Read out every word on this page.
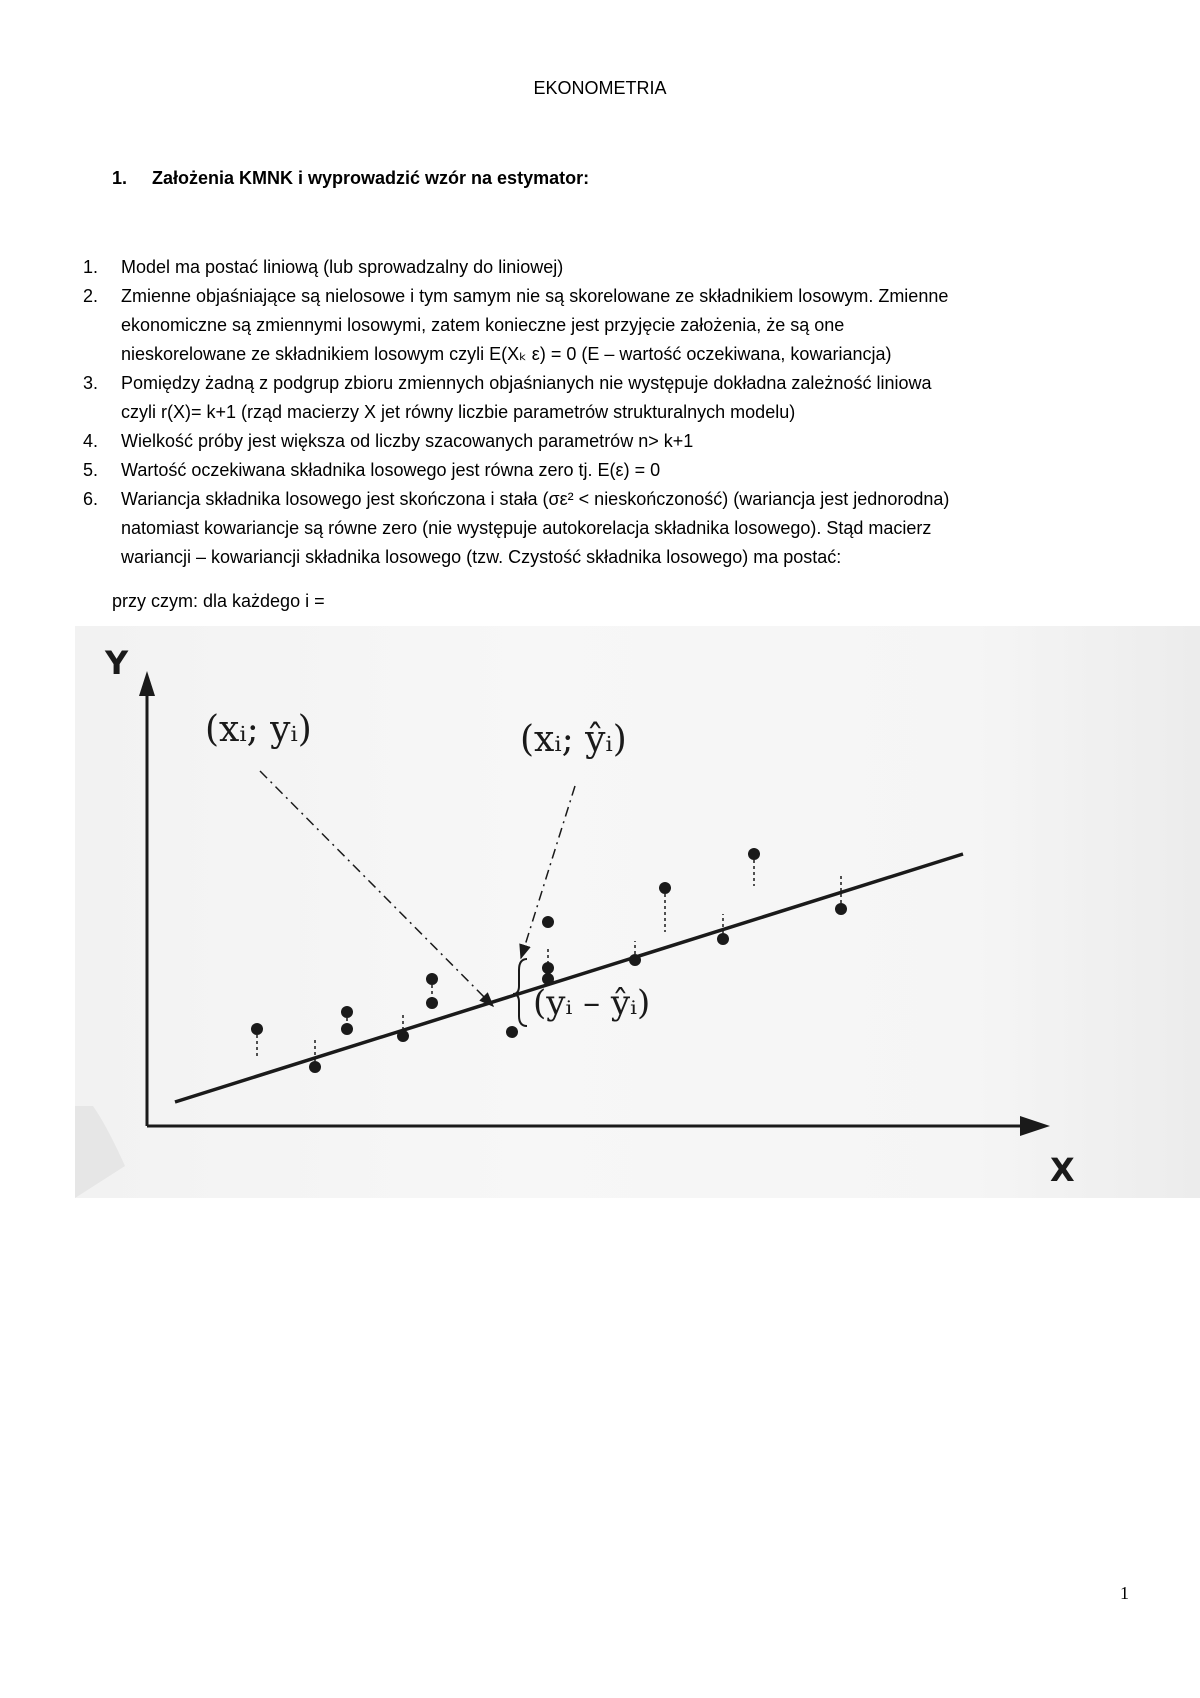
EKONOMETRIA
1. Założenia KMNK i wyprowadzić wzór na estymator:
1. Model ma postać liniową (lub sprowadzalny do liniowej)
2. Zmienne objaśniające są nielosowe i tym samym nie są skorelowane ze składnikiem losowym. Zmienne
ekonomiczne są zmiennymi losowymi, zatem konieczne jest przyjęcie założenia, że są one
nieskorelowane ze składnikiem losowym czyli E(Xₖ ε) = 0 (E – wartość oczekiwana, kowariancja)
3. Pomiędzy żadną z podgrup zbioru zmiennych objaśnianych nie występuje dokładna zależność liniowa
czyli r(X)= k+1 (rząd macierzy X jet równy liczbie parametrów strukturalnych modelu)
4. Wielkość próby jest większa od liczby szacowanych parametrów n> k+1
5. Wartość oczekiwana składnika losowego jest równa zero tj. E(ε) = 0
6. Wariancja składnika losowego jest skończona i stała (σε² < nieskończoność) (wariancja jest jednorodna)
natomiast kowariancje są równe zero (nie występuje autokorelacja składnika losowego). Stąd macierz
wariancji – kowariancji składnika losowego (tzw. Czystość składnika losowego) ma postać:
przy czym: dla każdego i =
Y
X
(xᵢ; yᵢ)	(xᵢ; ŷᵢ)
(yᵢ – ŷᵢ)
1
